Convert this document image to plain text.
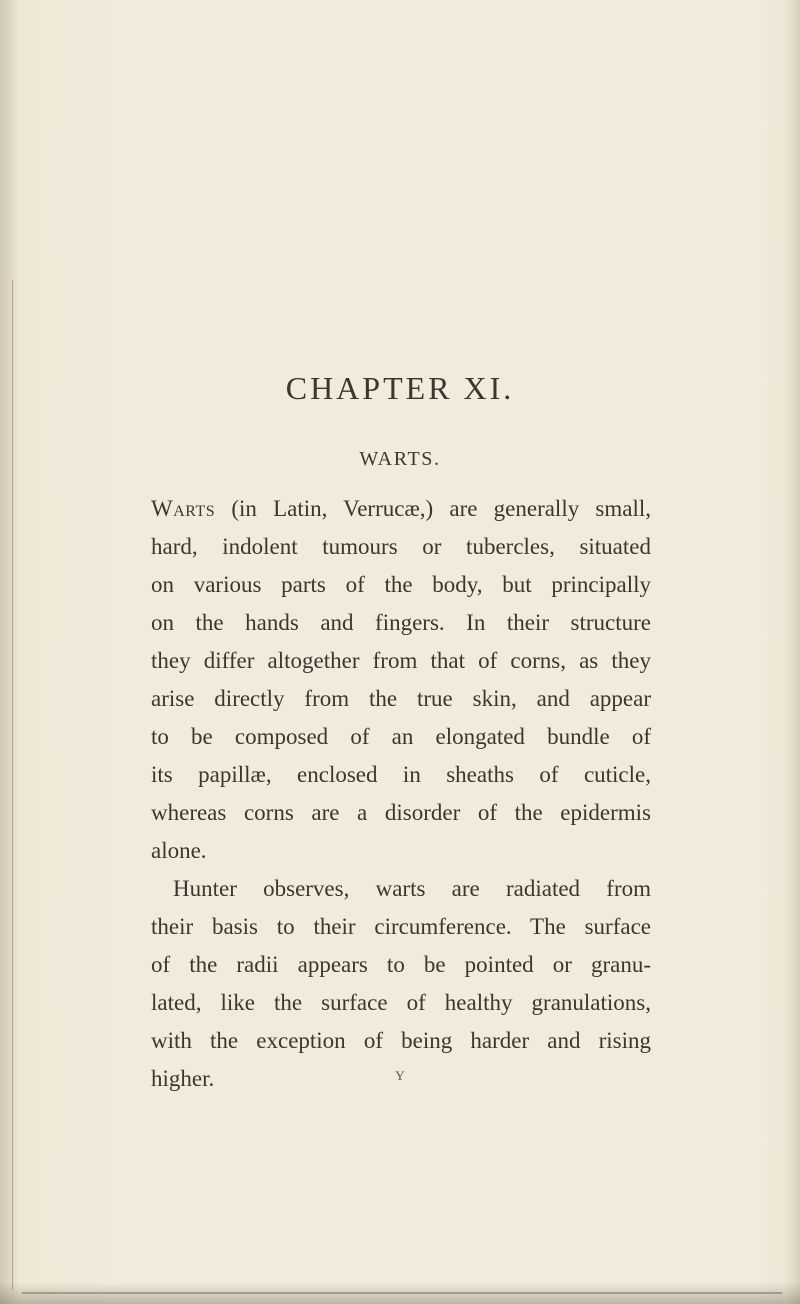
CHAPTER XI.
WARTS.
Warts (in Latin, Verrucæ,) are generally small,
hard, indolent tumours or tubercles, situated
on various parts of the body, but principally
on the hands and fingers. In their structure
they differ altogether from that of corns, as they
arise directly from the true skin, and appear
to be composed of an elongated bundle of
its papillæ, enclosed in sheaths of cuticle,
whereas corns are a disorder of the epidermis
alone.
Hunter observes, warts are radiated from
their basis to their circumference. The surface
of the radii appears to be pointed or granu-
lated, like the surface of healthy granulations,
with the exception of being harder and rising
higher.	Y
